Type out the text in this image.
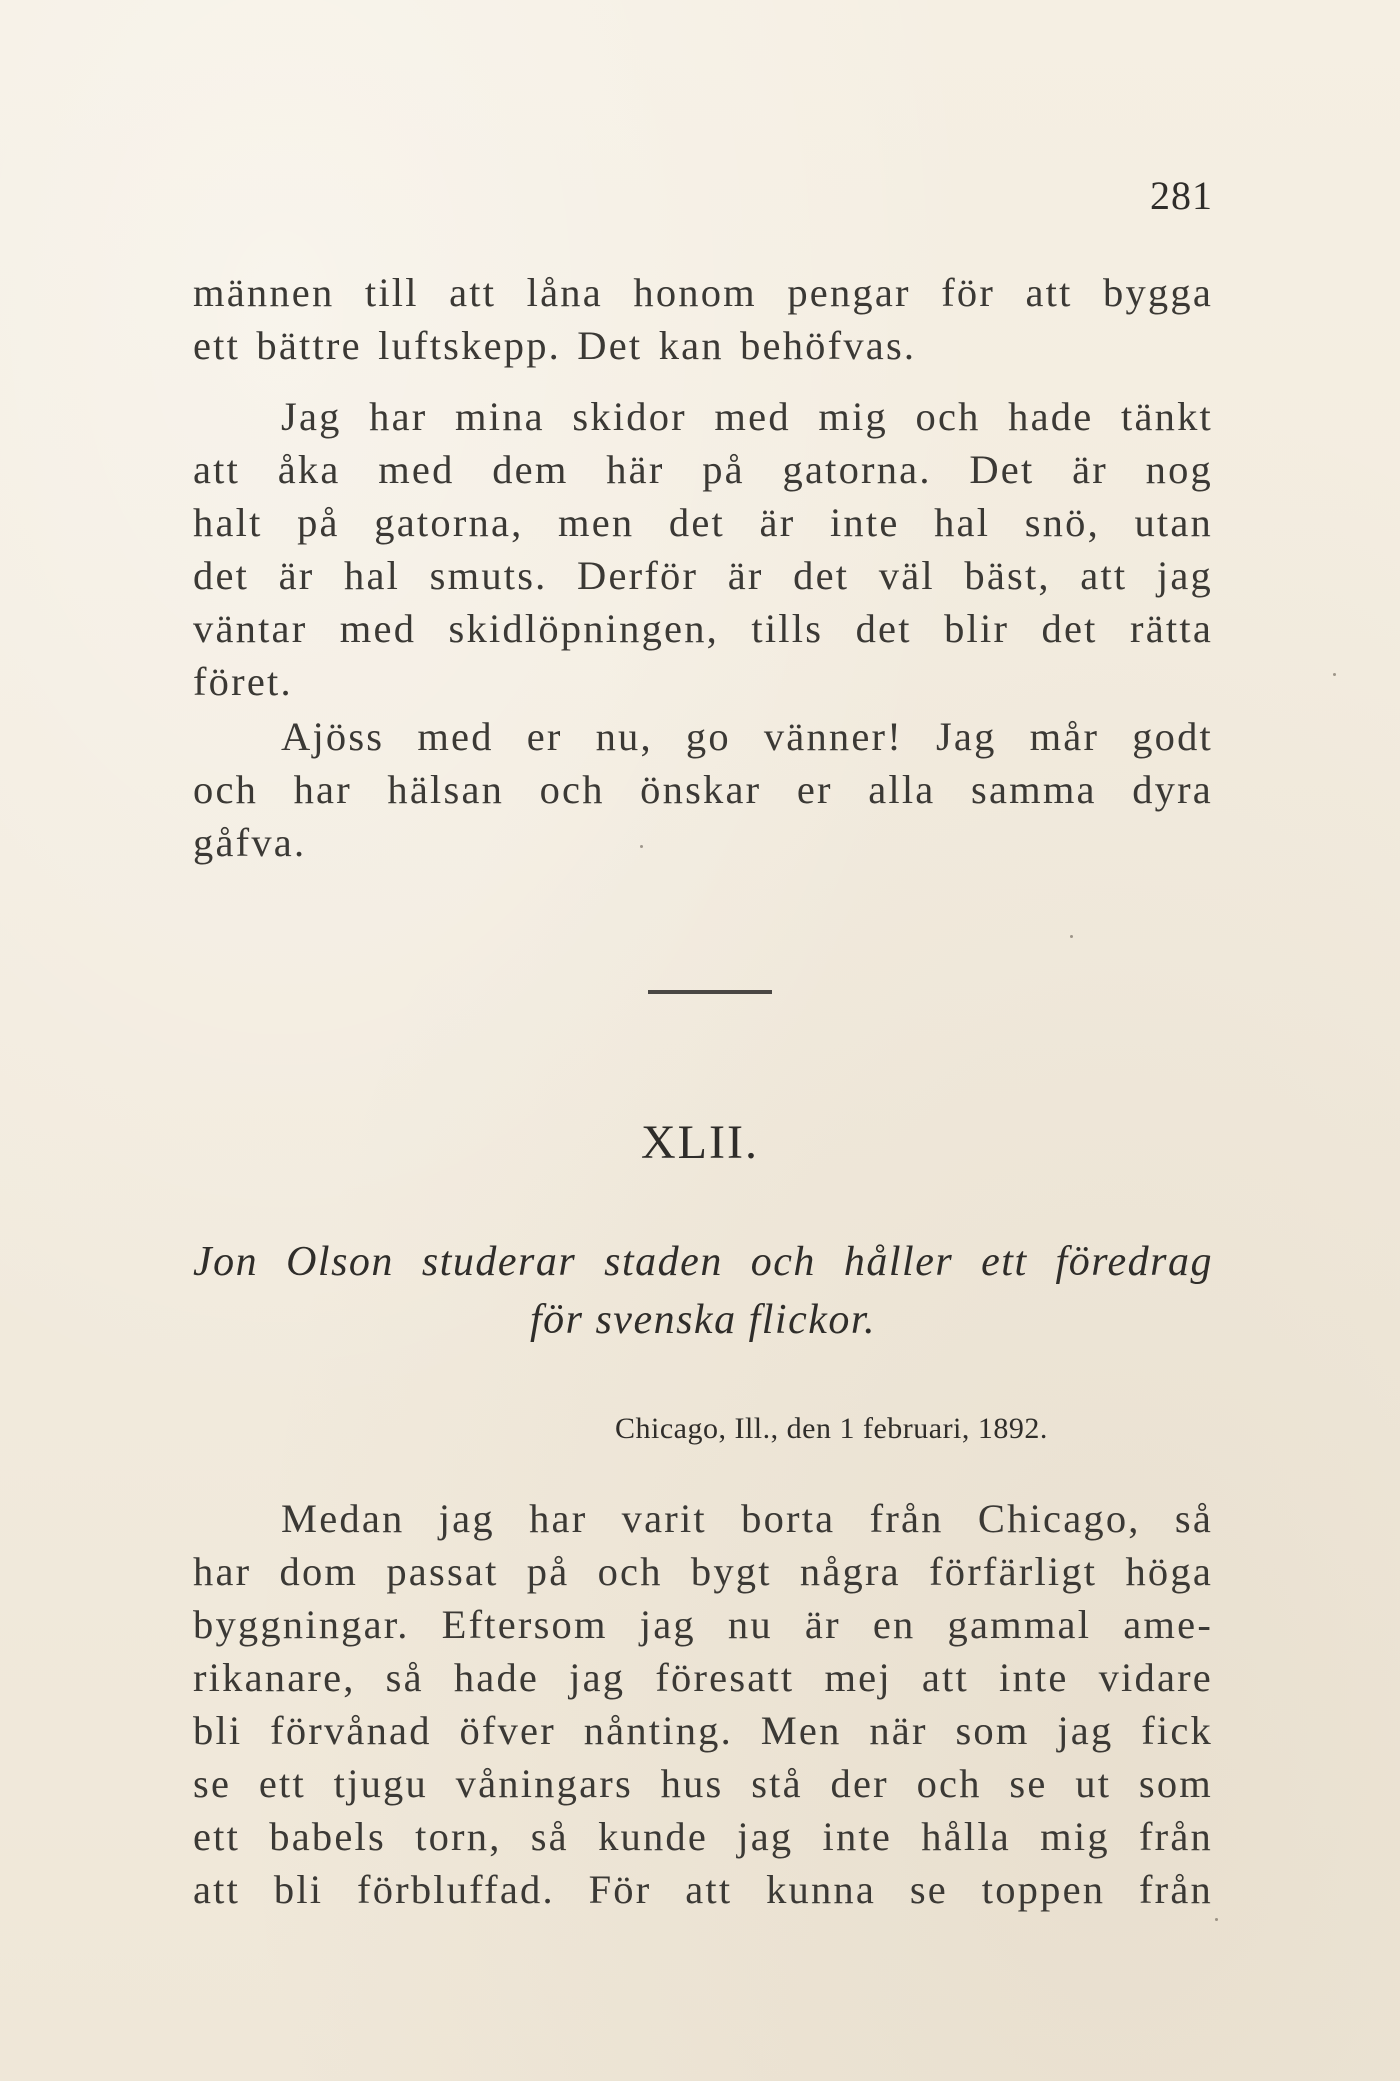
281
männen till att låna honom pengar för att bygga
ett bättre luftskepp. Det kan behöfvas.
Jag har mina skidor med mig och hade tänkt
att åka med dem här på gatorna. Det är nog
halt på gatorna, men det är inte hal snö, utan
det är hal smuts. Derför är det väl bäst, att jag
väntar med skidlöpningen, tills det blir det rätta
föret.
Ajöss med er nu, go vänner! Jag mår godt
och har hälsan och önskar er alla samma dyra
gåfva.
XLII.
Jon Olson studerar staden och håller ett föredrag
för svenska flickor.
Chicago, Ill., den 1 februari, 1892.
Medan jag har varit borta från Chicago, så
har dom passat på och bygt några förfärligt höga
byggningar. Eftersom jag nu är en gammal ame-
rikanare, så hade jag föresatt mej att inte vidare
bli förvånad öfver nånting. Men när som jag fick
se ett tjugu våningars hus stå der och se ut som
ett babels torn, så kunde jag inte hålla mig från
att bli förbluffad. För att kunna se toppen från
